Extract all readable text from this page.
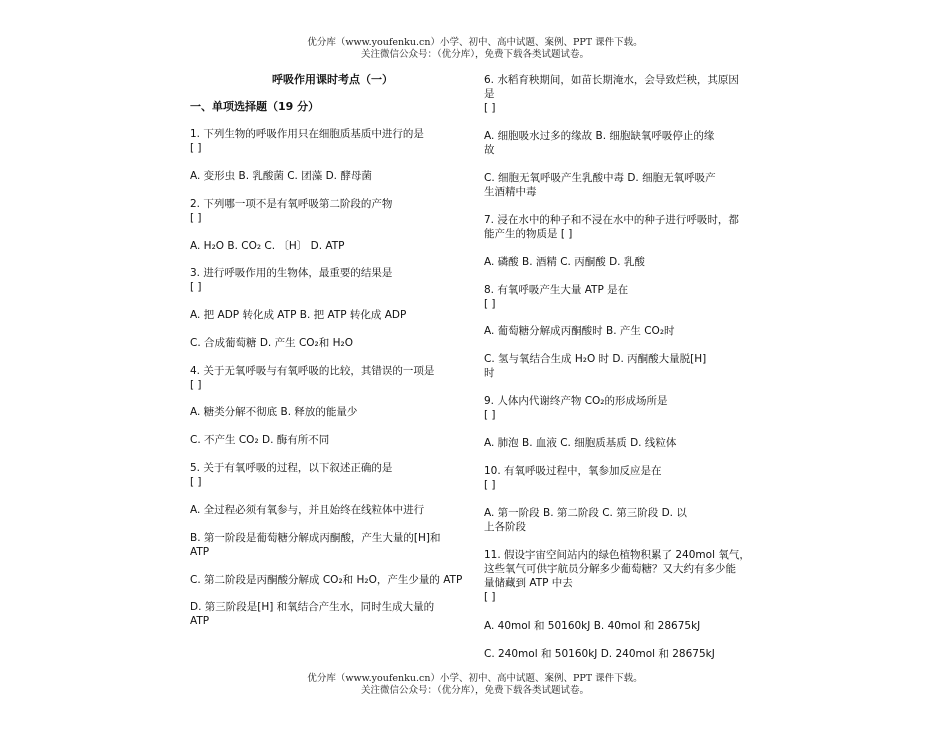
优分库（www.youfenku.cn）小学、初中、高中试题、案例、PPT 课件下载。
关注微信公众号：（优分库），免费下载各类试题试卷。
呼吸作用课时考点（一）
一、单项选择题（19 分）
1. 下列生物的呼吸作用只在细胞质基质中进行的是
[ ]
A. 变形虫 B. 乳酸菌 C. 团藻 D. 酵母菌
2. 下列哪一项不是有氧呼吸第二阶段的产物
[ ]
A. H₂O B. CO₂ C. 〔H〕 D. ATP
3. 进行呼吸作用的生物体，最重要的结果是
[ ]
A. 把 ADP 转化成 ATP B. 把 ATP 转化成 ADP
C. 合成葡萄糖 D. 产生 CO₂和 H₂O
4. 关于无氧呼吸与有氧呼吸的比较，其错误的一项是
[ ]
A. 糖类分解不彻底 B. 释放的能量少
C. 不产生 CO₂ D. 酶有所不同
5. 关于有氧呼吸的过程，以下叙述正确的是
[ ]
A. 全过程必须有氧参与，并且始终在线粒体中进行
B. 第一阶段是葡萄糖分解成丙酮酸，产生大量的[H]和
ATP
C. 第二阶段是丙酮酸分解成 CO₂和 H₂O，产生少量的 ATP
D. 第三阶段是[H] 和氧结合产生水，同时生成大量的
ATP
6. 水稻育秧期间，如苗长期淹水，会导致烂秧，其原因
是
[ ]
A. 细胞吸水过多的缘故 B. 细胞缺氧呼吸停止的缘
故
C. 细胞无氧呼吸产生乳酸中毒 D. 细胞无氧呼吸产
生酒精中毒
7. 浸在水中的种子和不浸在水中的种子进行呼吸时，都
能产生的物质是 [ ]
A. 磷酸 B. 酒精 C. 丙酮酸 D. 乳酸
8. 有氧呼吸产生大量 ATP 是在
[ ]
A. 葡萄糖分解成丙酮酸时 B. 产生 CO₂时
C. 氢与氧结合生成 H₂O 时 D. 丙酮酸大量脱[H]
时
9. 人体内代谢终产物 CO₂的形成场所是
[ ]
A. 肺泡 B. 血液 C. 细胞质基质 D. 线粒体
10. 有氧呼吸过程中，氧参加反应是在
[ ]
A. 第一阶段 B. 第二阶段 C. 第三阶段 D. 以
上各阶段
11. 假设宇宙空间站内的绿色植物积累了 240mol 氧气，
这些氧气可供宇航员分解多少葡萄糖？又大约有多少能
量储藏到 ATP 中去
[ ]
A. 40mol 和 50160kJ B. 40mol 和 28675kJ
C. 240mol 和 50160kJ D. 240mol 和 28675kJ
优分库（www.youfenku.cn）小学、初中、高中试题、案例、PPT 课件下载。
关注微信公众号：（优分库），免费下载各类试题试卷。
